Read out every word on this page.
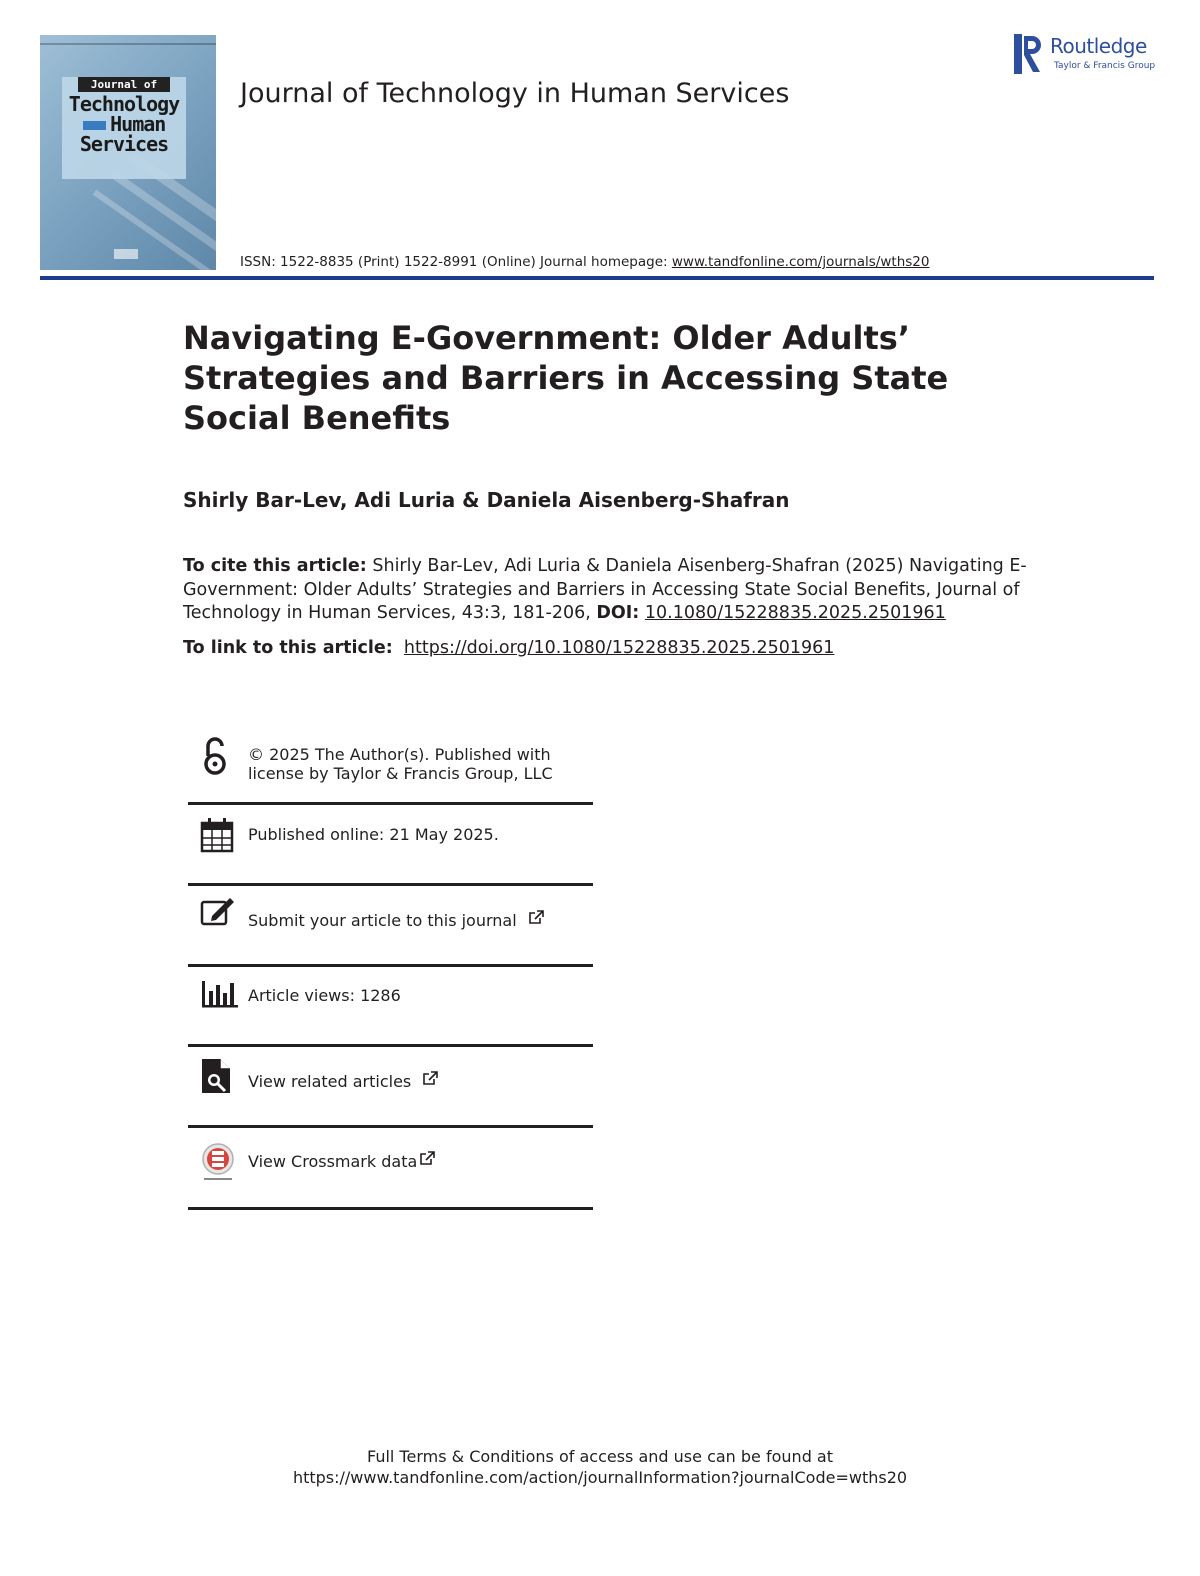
Journal of
Technology
and Human
Services
Journal of Technology in Human Services
Routledge
Taylor & Francis Group
ISSN: 1522-8835 (Print) 1522-8991 (Online) Journal homepage: www.tandfonline.com/journals/wths20
Navigating E-Government: Older Adults’ Strategies and Barriers in Accessing State Social Benefits
Shirly Bar-Lev, Adi Luria & Daniela Aisenberg-Shafran
To cite this article: Shirly Bar-Lev, Adi Luria & Daniela Aisenberg-Shafran (2025) Navigating E-Government: Older Adults’ Strategies and Barriers in Accessing State Social Benefits, Journal of Technology in Human Services, 43:3, 181-206, DOI: 10.1080/15228835.2025.2501961
To link to this article: https://doi.org/10.1080/15228835.2025.2501961
© 2025 The Author(s). Published with license by Taylor & Francis Group, LLC
Published online: 21 May 2025.
Submit your article to this journal
Article views: 1286
View related articles
View Crossmark data
Full Terms & Conditions of access and use can be found at
https://www.tandfonline.com/action/journalInformation?journalCode=wths20
